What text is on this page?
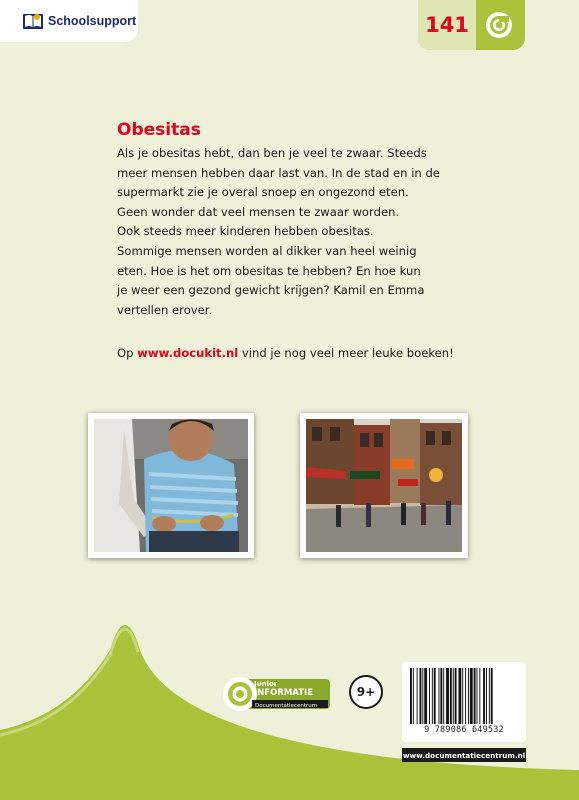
Schoolsupport	141
Obesitas

Als je obesitas hebt, dan ben je veel te zwaar. Steeds
meer mensen hebben daar last van. In de stad en in de
supermarkt zie je overal snoep en ongezond eten.
Geen wonder dat veel mensen te zwaar worden.
Ook steeds meer kinderen hebben obesitas.
Sommige mensen worden al dikker van heel weinig
eten. Hoe is het om obesitas te hebben? En hoe kun
je weer een gezond gewicht krijgen? Kamil en Emma
vertellen erover.

Op www.docukit.nl vind je nog veel meer leuke boeken!

Junior
INFORMATIE
Documentatiecentrum
9+
9 789086 649532
www.documentatiecentrum.nl
